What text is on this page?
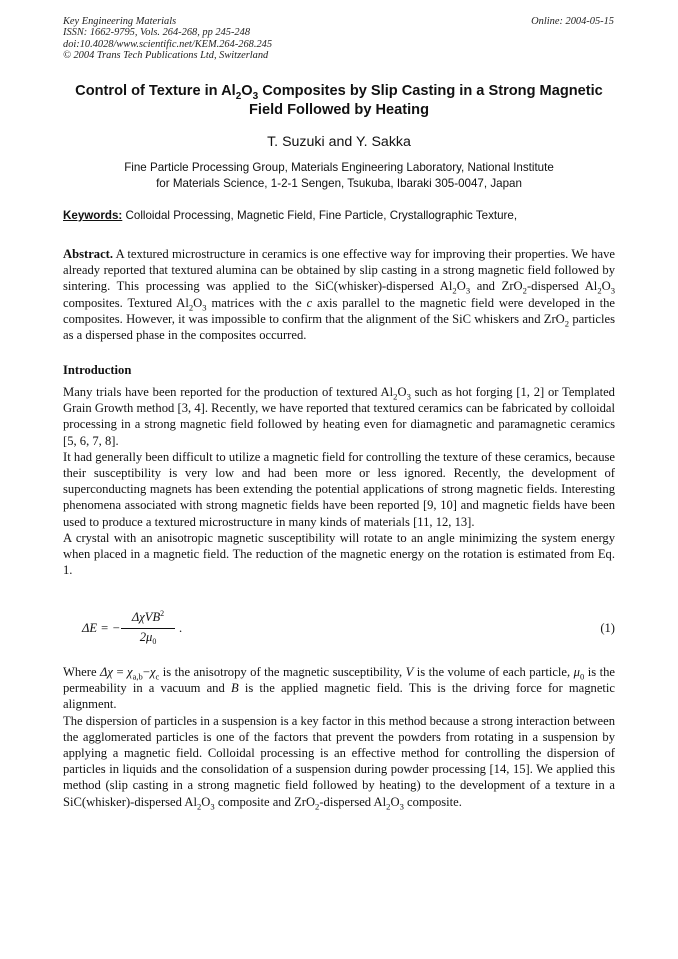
Key Engineering Materials
ISSN: 1662-9795, Vols. 264-268, pp 245-248
doi:10.4028/www.scientific.net/KEM.264-268.245
© 2004 Trans Tech Publications Ltd, Switzerland
Online: 2004-05-15
Control of Texture in $Al_2O_3$ Composites by Slip Casting in a Strong Magnetic Field Followed by Heating
T. Suzuki and Y. Sakka
Fine Particle Processing Group, Materials Engineering Laboratory, National Institute
for Materials Science, 1-2-1 Sengen, Tsukuba, Ibaraki 305-0047, Japan
Keywords: Colloidal Processing, Magnetic Field, Fine Particle, Crystallographic Texture,

Abstract. A textured microstructure in ceramics is one effective way for improving their properties. We have already reported that textured alumina can be obtained by slip casting in a strong magnetic field followed by sintering. This processing was applied to the SiC(whisker)-dispersed $Al_2O_3$ and ZrO$_2$-dispersed $Al_2O_3$ composites. Textured $Al_2O_3$ matrices with the c axis parallel to the magnetic field were developed in the composites. However, it was impossible to confirm that the alignment of the SiC whiskers and ZrO$_2$ particles as a dispersed phase in the composites occurred.

Introduction

Many trials have been reported for the production of textured $Al_2O_3$ such as hot forging [1, 2] or Templated Grain Growth method [3, 4]. Recently, we have reported that textured ceramics can be fabricated by colloidal processing in a strong magnetic field followed by heating even for diamagnetic and paramagnetic ceramics [5, 6, 7, 8].

It had generally been difficult to utilize a magnetic field for controlling the texture of these ceramics, because their susceptibility is very low and had been more or less ignored. Recently, the development of superconducting magnets has been extending the potential applications of strong magnetic fields. Interesting phenomena associated with strong magnetic fields have been reported [9, 10] and magnetic fields have been used to produce a textured microstructure in many kinds of materials [11, 12, 13].

A crystal with an anisotropic magnetic susceptibility will rotate to an angle minimizing the system energy when placed in a magnetic field. The reduction of the magnetic energy on the rotation is estimated from Eq. 1.

ΔE = −
ΔχVB$^2$
$2\mu_0$
.	(1)

Where $\Delta\chi = \chi_{a,b}-\chi_c$ is the anisotropy of the magnetic susceptibility, V is the volume of each particle, $\mu_0$ is the permeability in a vacuum and B is the applied magnetic field. This is the driving force for magnetic alignment.

The dispersion of particles in a suspension is a key factor in this method because a strong interaction between the agglomerated particles is one of the factors that prevent the powders from rotating in a suspension by applying a magnetic field. Colloidal processing is an effective method for controlling the dispersion of particles in liquids and the consolidation of a suspension during powder processing [14, 15]. We applied this method (slip casting in a strong magnetic field followed by heating) to the development of a texture in a SiC(whisker)-dispersed $Al_2O_3$ composite and ZrO$_2$-dispersed $Al_2O_3$ composite.
